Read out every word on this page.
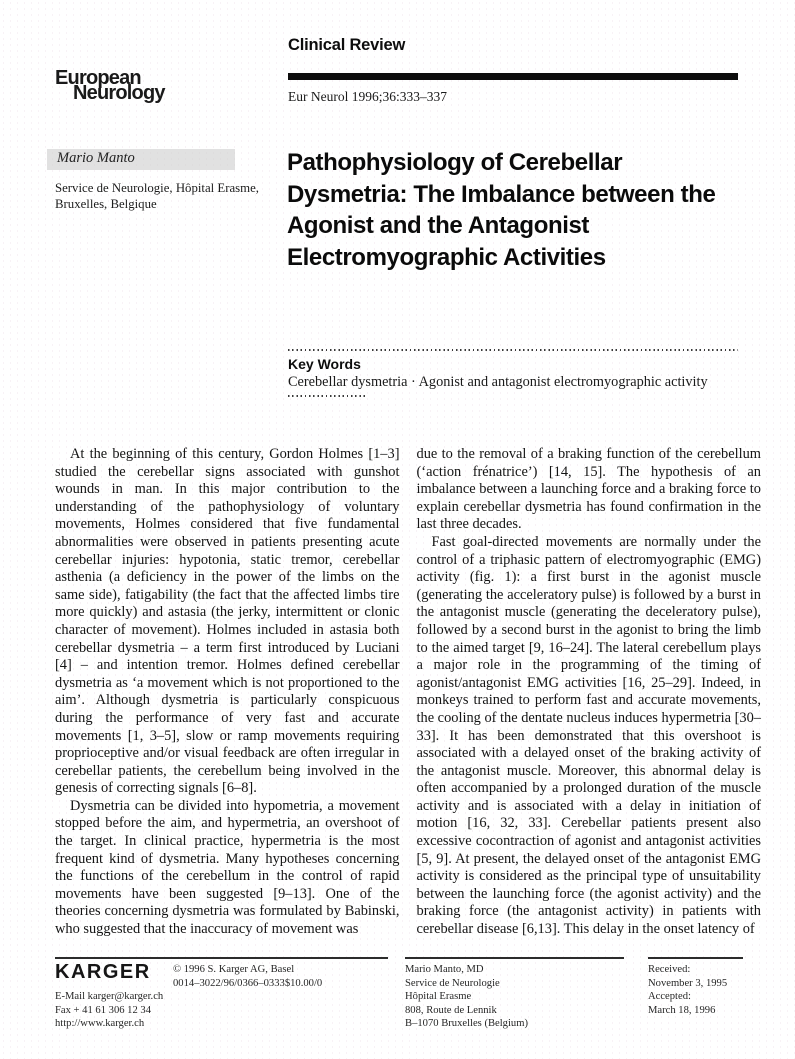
European
Neurology
Clinical Review
Eur Neurol 1996;36:333–337
Mario Manto
Service de Neurologie, Hôpital Erasme,
Bruxelles, Belgique
Pathophysiology of Cerebellar
Dysmetria: The Imbalance between the
Agonist and the Antagonist
Electromyographic Activities
Key Words
Cerebellar dysmetria · Agonist and antagonist electromyographic activity

At the beginning of this century, Gordon Holmes [1–3] studied the cerebellar signs associated with gunshot wounds in man. In this major contribution to the understanding of the pathophysiology of voluntary movements, Holmes considered that five fundamental abnormalities were observed in patients presenting acute cerebellar injuries: hypotonia, static tremor, cerebellar asthenia (a deficiency in the power of the limbs on the same side), fatigability (the fact that the affected limbs tire more quickly) and astasia (the jerky, intermittent or clonic character of movement). Holmes included in astasia both cerebellar dysmetria – a term first introduced by Luciani [4] – and intention tremor. Holmes defined cerebellar dysmetria as ‘a movement which is not proportioned to the aim’. Although dysmetria is particularly conspicuous during the performance of very fast and accurate movements [1, 3–5], slow or ramp movements requiring proprioceptive and/or visual feedback are often irregular in cerebellar patients, the cerebellum being involved in the genesis of correcting signals [6–8].

Dysmetria can be divided into hypometria, a movement stopped before the aim, and hypermetria, an overshoot of the target. In clinical practice, hypermetria is the most frequent kind of dysmetria. Many hypotheses concerning the functions of the cerebellum in the control of rapid movements have been suggested [9–13]. One of the theories concerning dysmetria was formulated by Babinski, who suggested that the inaccuracy of movement was

due to the removal of a braking function of the cerebellum (‘action frénatrice’) [14, 15]. The hypothesis of an imbalance between a launching force and a braking force to explain cerebellar dysmetria has found confirmation in the last three decades.

Fast goal-directed movements are normally under the control of a triphasic pattern of electromyographic (EMG) activity (fig. 1): a first burst in the agonist muscle (generating the acceleratory pulse) is followed by a burst in the antagonist muscle (generating the deceleratory pulse), followed by a second burst in the agonist to bring the limb to the aimed target [9, 16–24]. The lateral cerebellum plays a major role in the programming of the timing of agonist/antagonist EMG activities [16, 25–29]. Indeed, in monkeys trained to perform fast and accurate movements, the cooling of the dentate nucleus induces hypermetria [30–33]. It has been demonstrated that this overshoot is associated with a delayed onset of the braking activity of the antagonist muscle. Moreover, this abnormal delay is often accompanied by a prolonged duration of the muscle activity and is associated with a delay in initiation of motion [16, 32, 33]. Cerebellar patients present also excessive cocontraction of agonist and antagonist activities [5, 9]. At present, the delayed onset of the antagonist EMG activity is considered as the principal type of unsuitability between the launching force (the agonist activity) and the braking force (the antagonist activity) in patients with cerebellar disease [6,13]. This delay in the onset latency of

KARGER
E-Mail karger@karger.ch
Fax + 41 61 306 12 34
http://www.karger.ch
© 1996 S. Karger AG, Basel
0014–3022/96/0366–0333$10.00/0
Mario Manto, MD
Service de Neurologie
Hôpital Erasme
808, Route de Lennik
B–1070 Bruxelles (Belgium)
Received:
November 3, 1995
Accepted:
March 18, 1996
